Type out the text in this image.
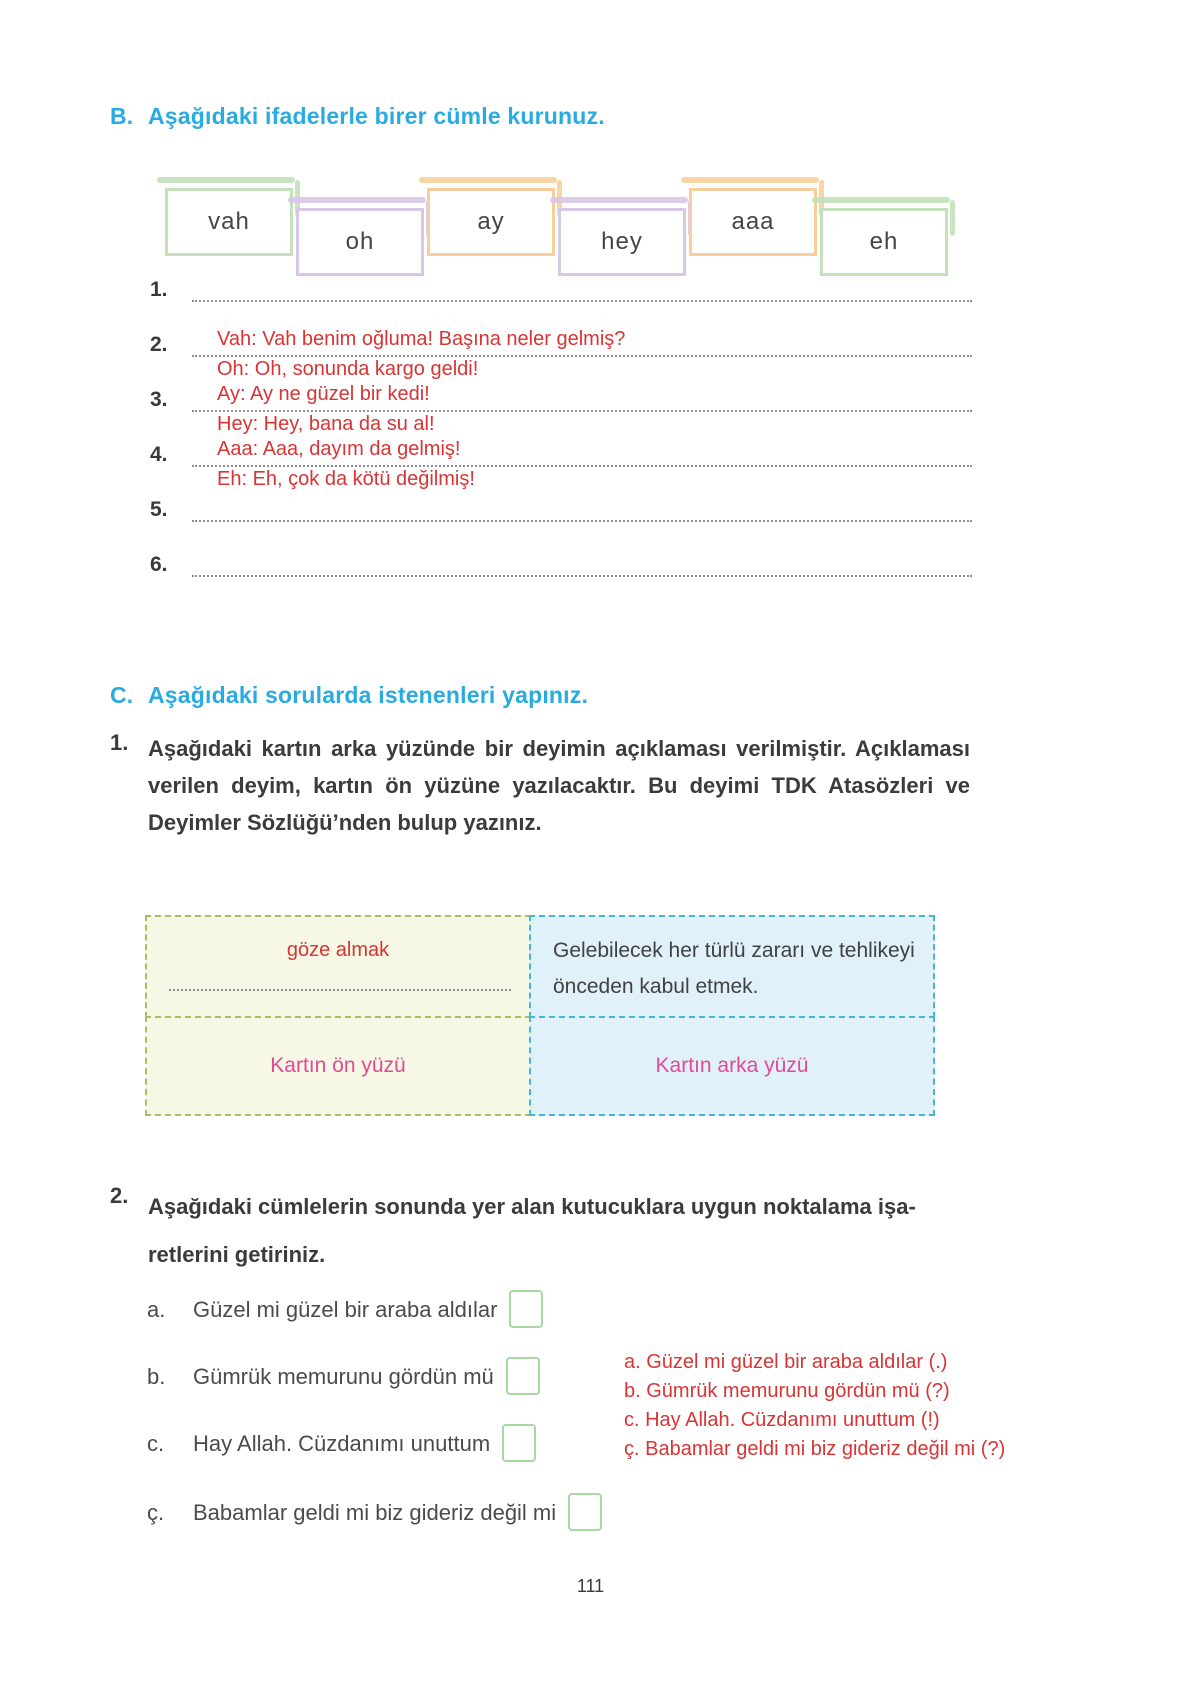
B. Aşağıdaki ifadelerle birer cümle kurunuz.
vah
oh
ay
hey
aaa
eh
1.
2. Vah: Vah benim oğluma! Başına neler gelmiş?
Oh: Oh, sonunda kargo geldi!
3. Ay: Ay ne güzel bir kedi!
Hey: Hey, bana da su al!
4. Aaa: Aaa, dayım da gelmiş!
Eh: Eh, çok da kötü değilmiş!
5.
6.
C. Aşağıdaki sorularda istenenleri yapınız.
1. Aşağıdaki kartın arka yüzünde bir deyimin açıklaması verilmiştir. Açıklaması verilen deyim, kartın ön yüzüne yazılacaktır. Bu deyimi TDK Atasözleri ve Deyimler Sözlüğü’nden bulup yazınız.
göze almak	Gelebilecek her türlü zararı ve tehlikeyi önceden kabul etmek.
Kartın ön yüzü	Kartın arka yüzü
2. Aşağıdaki cümlelerin sonunda yer alan kutucuklara uygun noktalama işa-
retlerini getiriniz.
a. Güzel mi güzel bir araba aldılar
b. Gümrük memurunu gördün mü
c. Hay Allah. Cüzdanımı unuttum
ç. Babamlar geldi mi biz gideriz değil mi
a. Güzel mi güzel bir araba aldılar (.)
b. Gümrük memurunu gördün mü (?)
c. Hay Allah. Cüzdanımı unuttum (!)
ç. Babamlar geldi mi biz gideriz değil mi (?)
111
